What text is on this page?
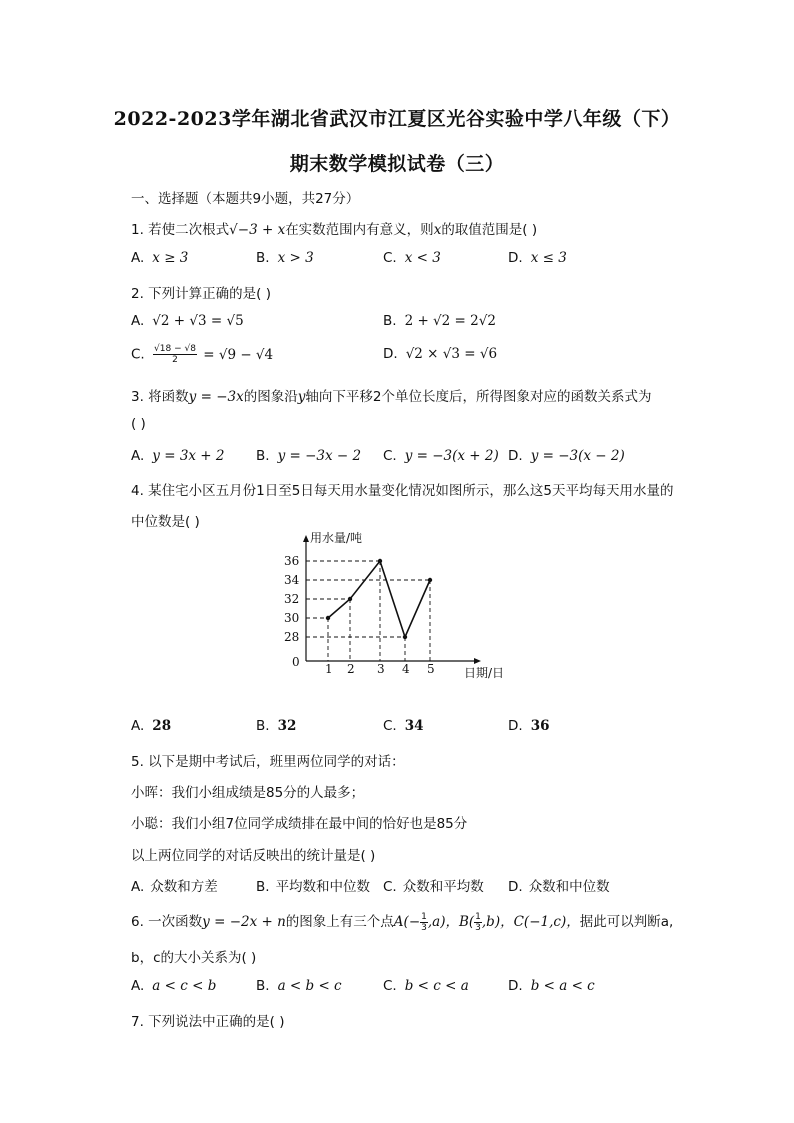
2022-2023学年湖北省武汉市江夏区光谷实验中学八年级（下）
期末数学模拟试卷（三）
一、选择题（本题共9小题，共27分）
1. 若使二次根式√−3 + x在实数范围内有意义，则x的取值范围是( )
A. x ≥ 3	B. x > 3	C. x < 3	D. x ≤ 3
2. 下列计算正确的是( )
A. √2 + √3 = √5	B. 2 + √2 = 2√2
C. $\frac{√18 - √8}{2} = √9 - √4$	D. √2 × √3 = √6
3. 将函数y = −3x的图象沿y轴向下平移2个单位长度后，所得图象对应的函数关系式为
( )
A. y = 3x + 2 B. y = −3x − 2 C. y = −3(x + 2) D. y = −3(x − 2)
4. 某住宅小区五月份1日至5日每天用水量变化情况如图所示，那么这5天平均每天用水量的
中位数是( )
用水量/吨
日期/日
0
28
30
32
34
36
1 2 3 4 5
A. 28	B. 32	C. 34	D. 36
5. 以下是期中考试后，班里两位同学的对话：
小晖：我们小组成绩是85分的人最多；
小聪：我们小组7位同学成绩排在最中间的恰好也是85分
以上两位同学的对话反映出的统计量是( )
A. 众数和方差	B. 平均数和中位数 C. 众数和平均数 D. 众数和中位数
6. 一次函数y = −2x + n的图象上有三个点$A(- \frac{1}{3} ,a)$，$B( \frac{1}{3} ,b)$，C(−1,c)，据此可以判断a,
b，c的大小关系为( )
A. a < c < b	B. a < b < c	C. b < c < a	D. b < a < c
7. 下列说法中正确的是( )
